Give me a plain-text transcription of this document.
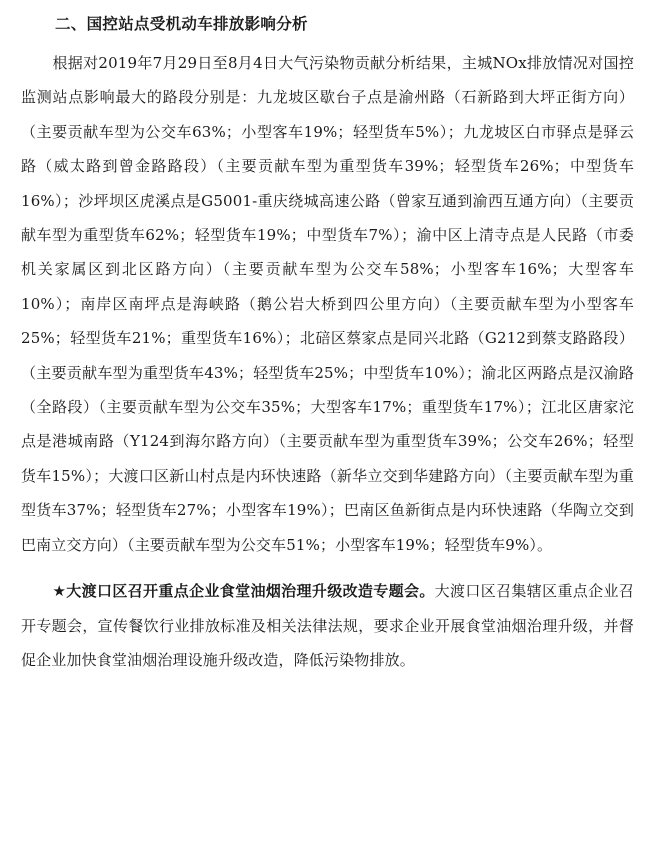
二、国控站点受机动车排放影响分析

根据对2019年7月29日至8月4日大气污染物贡献分析结果，主城NOx排放情况对国控监测站点影响最大的路段分别是：九龙坡区歇台子点是渝州路（石新路到大坪正街方向）（主要贡献车型为公交车63%；小型客车19%；轻型货车5%）；九龙坡区白市驿点是驿云路（威太路到曾金路路段）（主要贡献车型为重型货车39%；轻型货车26%；中型货车16%）；沙坪坝区虎溪点是G5001-重庆绕城高速公路（曾家互通到渝西互通方向）（主要贡献车型为重型货车62%；轻型货车19%；中型货车7%）；渝中区上清寺点是人民路（市委机关家属区到北区路方向）（主要贡献车型为公交车58%；小型客车16%；大型客车10%）；南岸区南坪点是海峡路（鹅公岩大桥到四公里方向）（主要贡献车型为小型客车25%；轻型货车21%；重型货车16%）；北碚区蔡家点是同兴北路（G212到蔡支路路段）（主要贡献车型为重型货车43%；轻型货车25%；中型货车10%）；渝北区两路点是汉渝路（全路段）（主要贡献车型为公交车35%；大型客车17%；重型货车17%）；江北区唐家沱点是港城南路（Y124到海尔路方向）（主要贡献车型为重型货车39%；公交车26%；轻型货车15%）；大渡口区新山村点是内环快速路（新华立交到华建路方向）（主要贡献车型为重型货车37%；轻型货车27%；小型客车19%）；巴南区鱼新街点是内环快速路（华陶立交到巴南立交方向）（主要贡献车型为公交车51%；小型客车19%；轻型货车9%）。

★大渡口区召开重点企业食堂油烟治理升级改造专题会。大渡口区召集辖区重点企业召开专题会，宣传餐饮行业排放标准及相关法律法规，要求企业开展食堂油烟治理升级，并督促企业加快食堂油烟治理设施升级改造，降低污染物排放。
